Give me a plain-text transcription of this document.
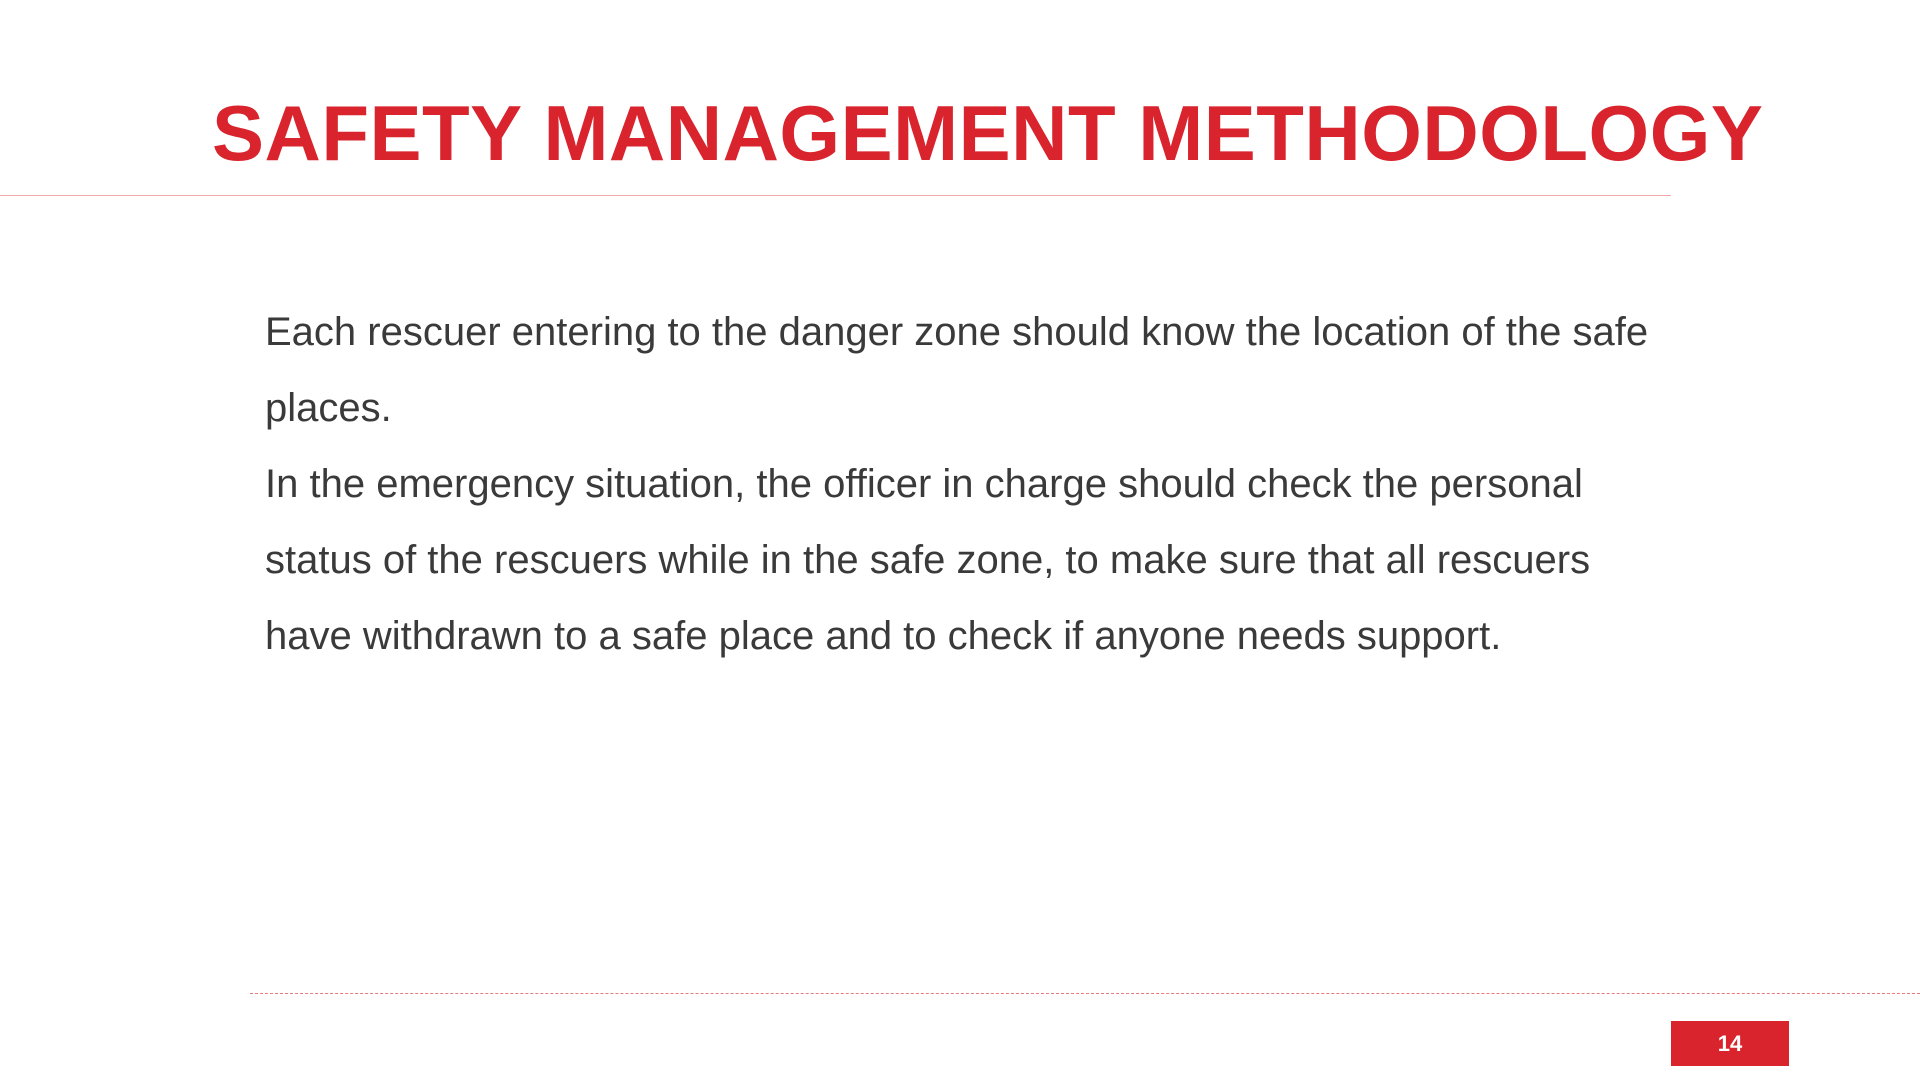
SAFETY MANAGEMENT METHODOLOGY

Each rescuer entering to the danger zone should know the location of the safe places.

In the emergency situation, the officer in charge should check the personal status of the rescuers while in the safe zone, to make sure that all rescuers have withdrawn to a safe place and to check if anyone needs support.

14
